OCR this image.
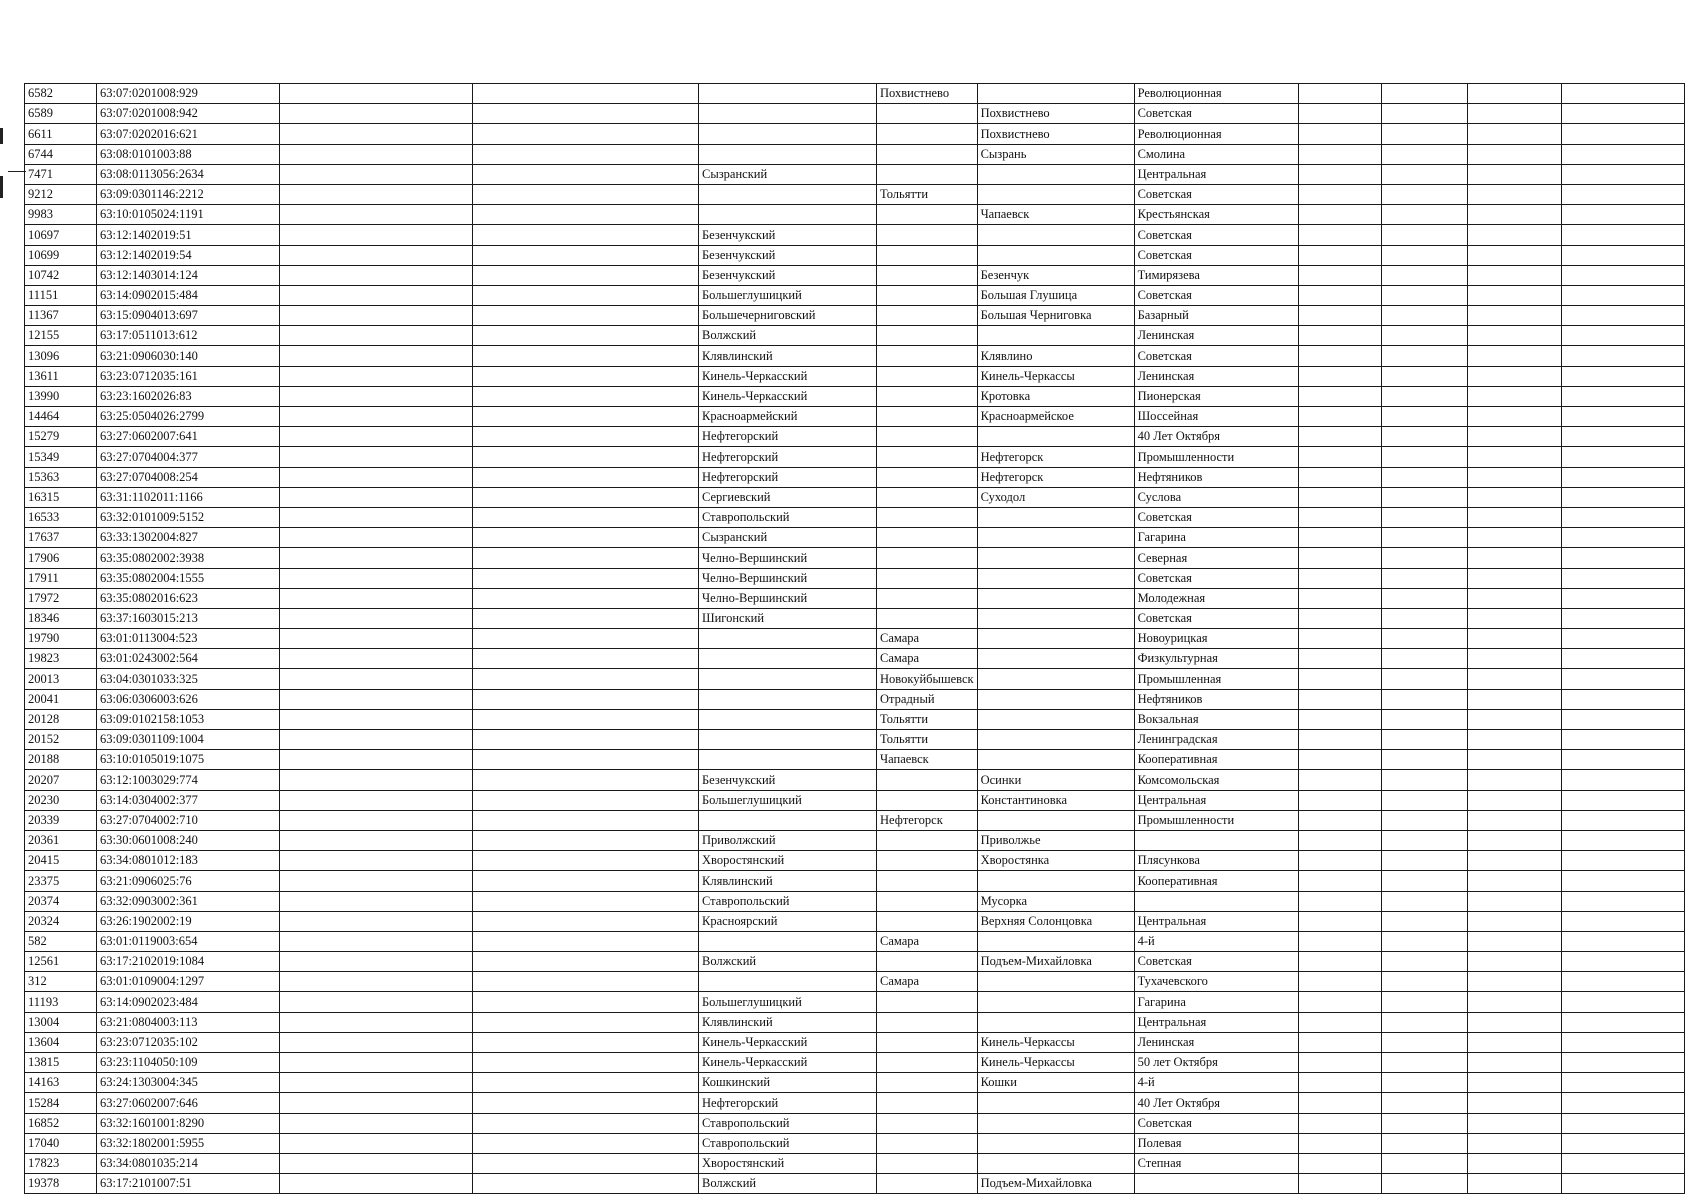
6582	63:07:0201008:929				Похвистнево		Революционная				
6589	63:07:0201008:942					Похвистнево	Советская				
6611	63:07:0202016:621					Похвистнево	Революционная				
6744	63:08:0101003:88					Сызрань	Смолина				
7471	63:08:0113056:2634			Сызранский			Центральная				
9212	63:09:0301146:2212				Тольятти		Советская				
9983	63:10:0105024:1191					Чапаевск	Крестьянская				
10697	63:12:1402019:51			Безенчукский			Советская				
10699	63:12:1402019:54			Безенчукский			Советская				
10742	63:12:1403014:124			Безенчукский		Безенчук	Тимирязева				
11151	63:14:0902015:484			Большеглушицкий		Большая Глушица	Советская				
11367	63:15:0904013:697			Большечерниговский		Большая Черниговка	Базарный				
12155	63:17:0511013:612			Волжский			Ленинская				
13096	63:21:0906030:140			Клявлинский		Клявлино	Советская				
13611	63:23:0712035:161			Кинель-Черкасский		Кинель-Черкассы	Ленинская				
13990	63:23:1602026:83			Кинель-Черкасский		Кротовка	Пионерская				
14464	63:25:0504026:2799			Красноармейский		Красноармейское	Шоссейная				
15279	63:27:0602007:641			Нефтегорский			40 Лет Октября				
15349	63:27:0704004:377			Нефтегорский		Нефтегорск	Промышленности				
15363	63:27:0704008:254			Нефтегорский		Нефтегорск	Нефтяников				
16315	63:31:1102011:1166			Сергиевский		Суходол	Суслова				
16533	63:32:0101009:5152			Ставропольский			Советская				
17637	63:33:1302004:827			Сызранский			Гагарина				
17906	63:35:0802002:3938			Челно-Вершинский			Северная				
17911	63:35:0802004:1555			Челно-Вершинский			Советская				
17972	63:35:0802016:623			Челно-Вершинский			Молодежная				
18346	63:37:1603015:213			Шигонский			Советская				
19790	63:01:0113004:523				Самара		Новоурицкая				
19823	63:01:0243002:564				Самара		Физкультурная				
20013	63:04:0301033:325				Новокуйбышевск		Промышленная				
20041	63:06:0306003:626				Отрадный		Нефтяников				
20128	63:09:0102158:1053				Тольятти		Вокзальная				
20152	63:09:0301109:1004				Тольятти		Ленинградская				
20188	63:10:0105019:1075				Чапаевск		Кооперативная				
20207	63:12:1003029:774			Безенчукский		Осинки	Комсомольская				
20230	63:14:0304002:377			Большеглушицкий		Константиновка	Центральная				
20339	63:27:0704002:710				Нефтегорск		Промышленности				
20361	63:30:0601008:240			Приволжский		Приволжье					
20415	63:34:0801012:183			Хворостянский		Хворостянка	Плясункова				
23375	63:21:0906025:76			Клявлинский			Кооперативная				
20374	63:32:0903002:361			Ставропольский		Мусорка					
20324	63:26:1902002:19			Красноярский		Верхняя Солонцовка	Центральная				
582	63:01:0119003:654				Самара		4-й				
12561	63:17:2102019:1084			Волжский		Подъем-Михайловка	Советская				
312	63:01:0109004:1297				Самара		Тухачевского				
11193	63:14:0902023:484			Большеглушицкий			Гагарина				
13004	63:21:0804003:113			Клявлинский			Центральная				
13604	63:23:0712035:102			Кинель-Черкасский		Кинель-Черкассы	Ленинская				
13815	63:23:1104050:109			Кинель-Черкасский		Кинель-Черкассы	50 лет Октября				
14163	63:24:1303004:345			Кошкинский		Кошки	4-й				
15284	63:27:0602007:646			Нефтегорский			40 Лет Октября				
16852	63:32:1601001:8290			Ставропольский			Советская				
17040	63:32:1802001:5955			Ставропольский			Полевая				
17823	63:34:0801035:214			Хворостянский			Степная				
19378	63:17:2101007:51			Волжский		Подъем-Михайловка					
